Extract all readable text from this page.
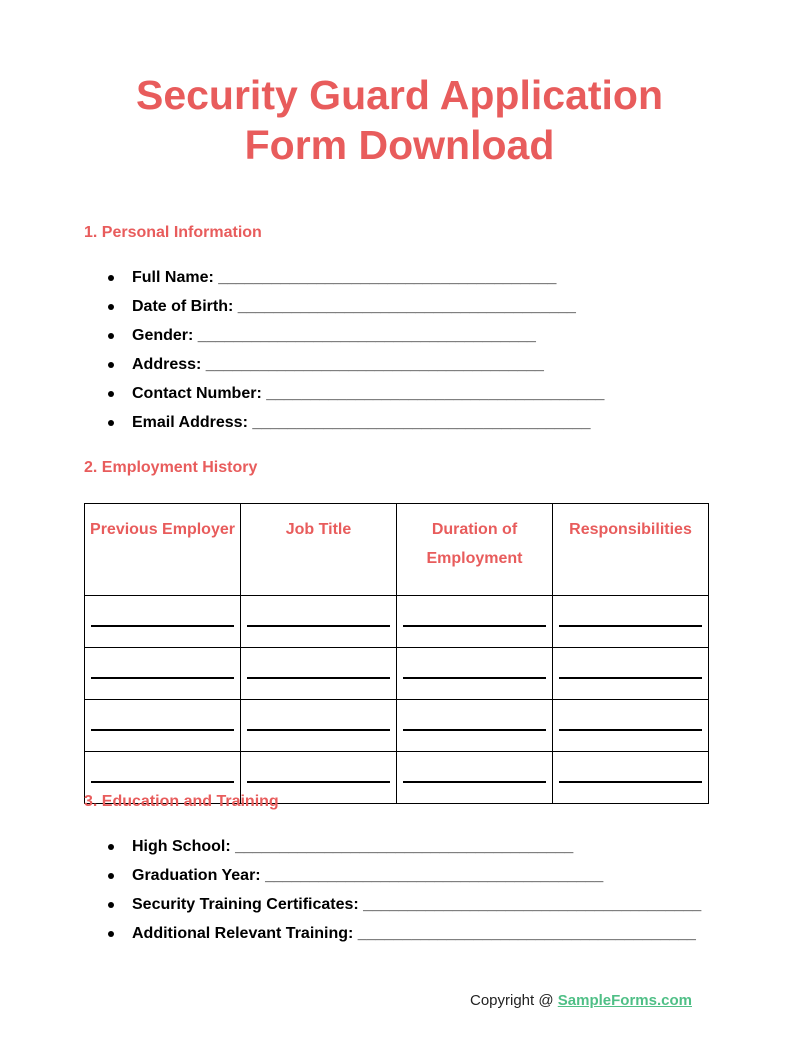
Security Guard Application
Form Download
1. Personal Information
Full Name: ______________________________________
Date of Birth: ______________________________________
Gender: ______________________________________
Address: ______________________________________
Contact Number: ______________________________________
Email Address: ______________________________________
2. Employment History
Previous Employer	Job Title	Duration of Employment	Responsibilities

3. Education and Training
High School: ______________________________________
Graduation Year: ______________________________________
Security Training Certificates: ______________________________________
Additional Relevant Training: ______________________________________
Copyright @ SampleForms.com
